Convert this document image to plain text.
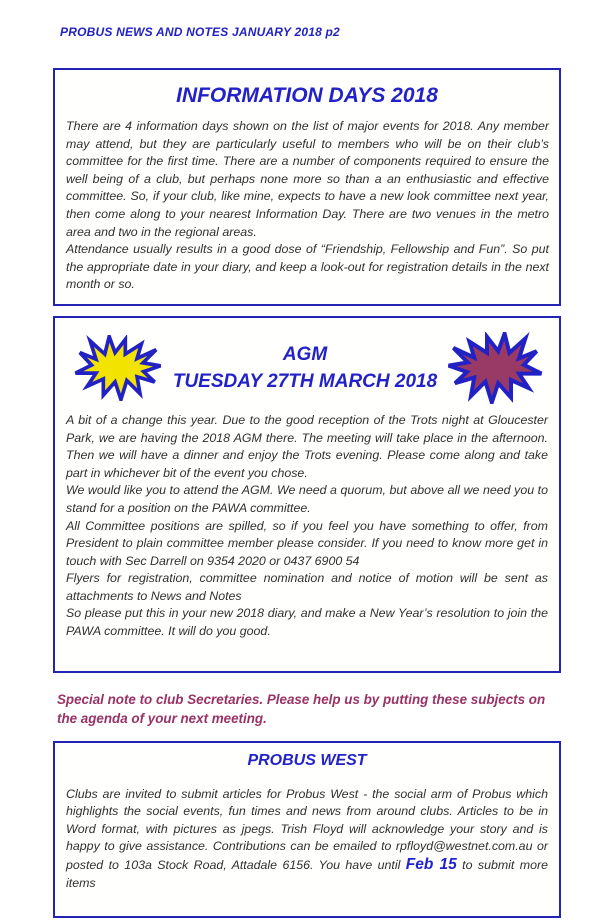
PROBUS NEWS AND NOTES JANUARY 2018 p2
INFORMATION DAYS 2018

There are 4 information days shown on the list of major events for 2018. Any member may attend, but they are particularly useful to members who will be on their club’s committee for the first time. There are a number of components required to ensure the well being of a club, but perhaps none more so than a an enthusiastic and effective committee. So, if your club, like mine, expects to have a new look committee next year, then come along to your nearest Information Day. There are two venues in the metro area and two in the regional areas.

Attendance usually results in a good dose of “Friendship, Fellowship and Fun”. So put the appropriate date in your diary, and keep a look-out for registration details in the next month or so.

AGM
TUESDAY 27TH MARCH 2018

A bit of a change this year. Due to the good reception of the Trots night at Gloucester Park, we are having the 2018 AGM there. The meeting will take place in the afternoon. Then we will have a dinner and enjoy the Trots evening. Please come along and take part in whichever bit of the event you chose.

We would like you to attend the AGM. We need a quorum, but above all we need you to stand for a position on the PAWA committee.

All Committee positions are spilled, so if you feel you have something to offer, from President to plain committee member please consider. If you need to know more get in touch with Sec Darrell on 9354 2020 or 0437 6900 54

Flyers for registration, committee nomination and notice of motion will be sent as attachments to News and Notes

So please put this in your new 2018 diary, and make a New Year’s resolution to join the PAWA committee. It will do you good.

Special note to club Secretaries. Please help us by putting these subjects on the agenda of your next meeting.
PROBUS WEST

Clubs are invited to submit articles for Probus West - the social arm of Probus which highlights the social events, fun times and news from around clubs. Articles to be in Word format, with pictures as jpegs. Trish Floyd will acknowledge your story and is happy to give assistance. Contributions can be emailed to rpfloyd@westnet.com.au or posted to 103a Stock Road, Attadale 6156. You have until Feb 15 to submit more items
